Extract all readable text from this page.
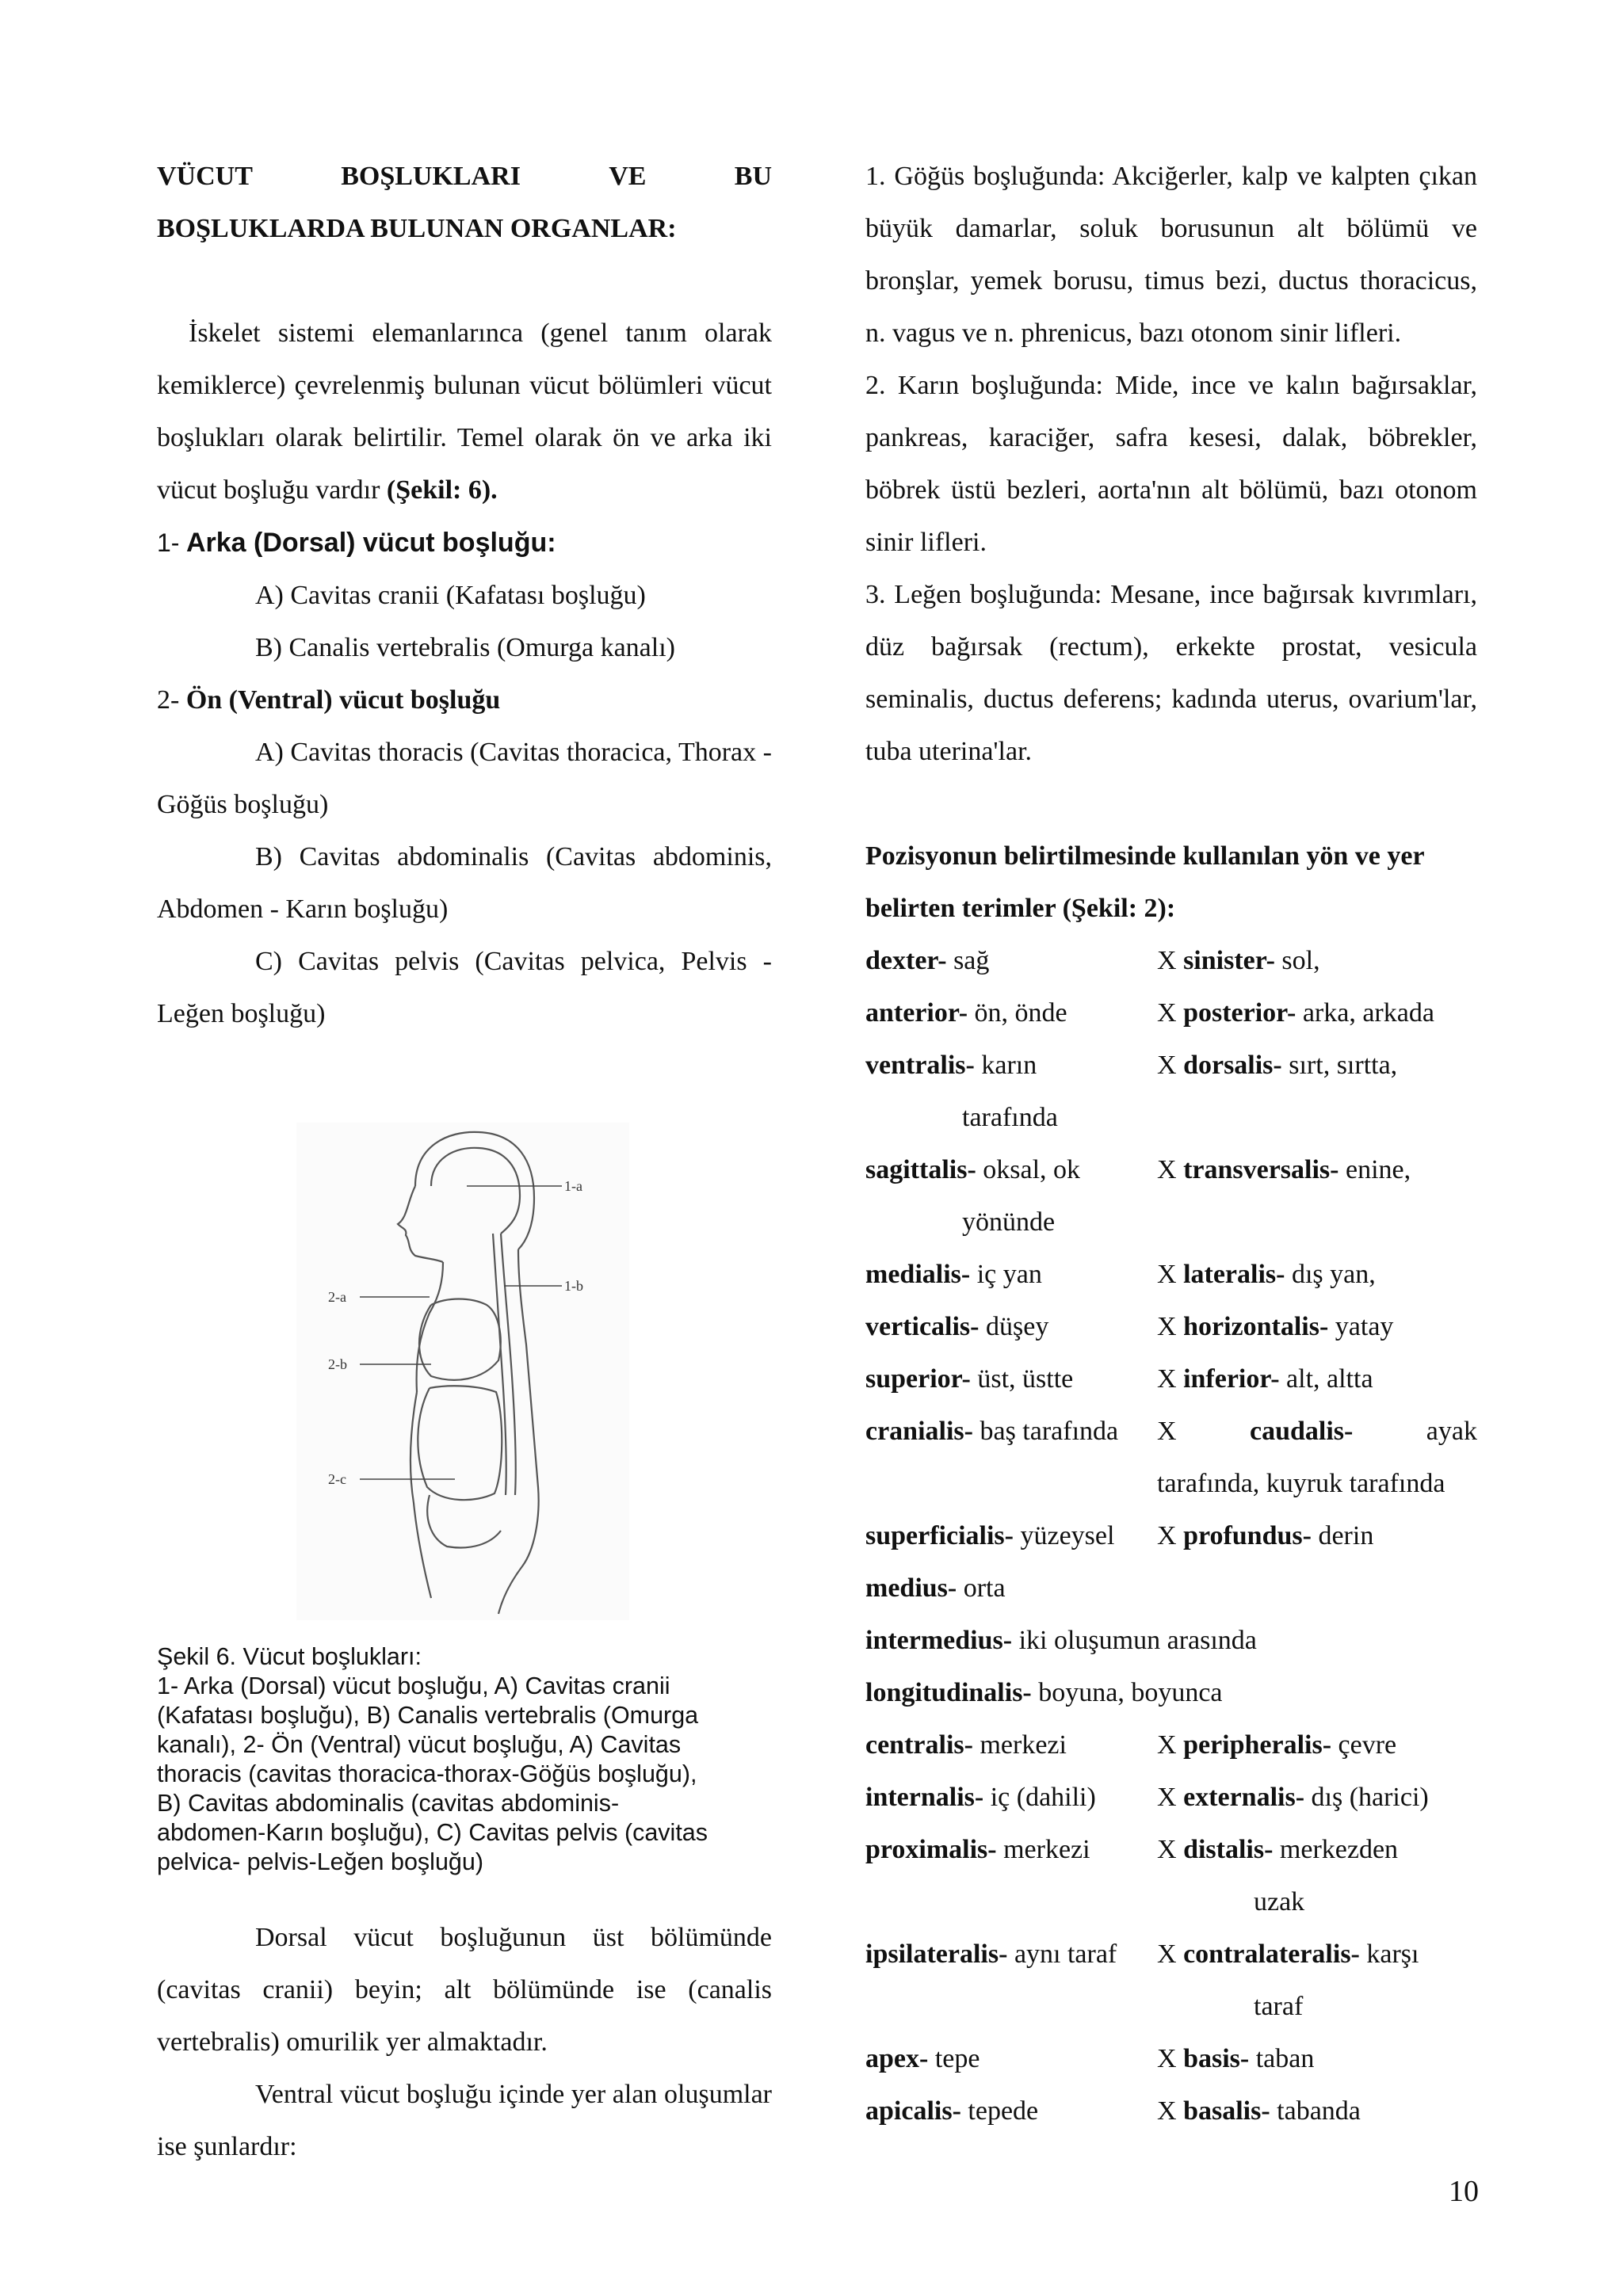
VÜCUT	BOŞLUKLARI	VE	BU
BOŞLUKLARDA BULUNAN ORGANLAR:

İskelet sistemi elemanlarınca (genel tanım olarak kemiklerce) çevrelenmiş bulunan vücut bölümleri vücut boşlukları olarak belirtilir. Temel olarak ön ve arka iki vücut boşluğu vardır (Şekil: 6).

1- Arka (Dorsal) vücut boşluğu:

A) Cavitas cranii (Kafatası boşluğu)

B) Canalis vertebralis (Omurga kanalı)

2- Ön (Ventral) vücut boşluğu

A) Cavitas thoracis (Cavitas thoracica, Thorax - Göğüs boşluğu)

B) Cavitas abdominalis (Cavitas abdominis, Abdomen - Karın boşluğu)

C) Cavitas pelvis (Cavitas pelvica, Pelvis - Leğen boşluğu)

1-a
1-b
2-a
2-b
2-c
Şekil 6. Vücut boşlukları:
1- Arka (Dorsal) vücut boşluğu, A) Cavitas cranii
(Kafatası boşluğu), B) Canalis vertebralis (Omurga
kanalı), 2- Ön (Ventral) vücut boşluğu, A) Cavitas
thoracis (cavitas thoracica-thorax-Göğüs boşluğu),
B) Cavitas abdominalis (cavitas abdominis-
abdomen-Karın boşluğu), C) Cavitas pelvis (cavitas
pelvica- pelvis-Leğen boşluğu)

Dorsal vücut boşluğunun üst bölümünde (cavitas cranii) beyin; alt bölümünde ise (canalis vertebralis) omurilik yer almaktadır.

Ventral vücut boşluğu içinde yer alan oluşumlar ise şunlardır:

1. Göğüs boşluğunda: Akciğerler, kalp ve kalpten çıkan büyük damarlar, soluk borusunun alt bölümü ve bronşlar, yemek borusu, timus bezi, ductus thoracicus, n. vagus ve n. phrenicus, bazı otonom sinir lifleri.

2. Karın boşluğunda: Mide, ince ve kalın bağırsaklar, pankreas, karaciğer, safra kesesi, dalak, böbrekler, böbrek üstü bezleri, aorta'nın alt bölümü, bazı otonom sinir lifleri.

3. Leğen boşluğunda: Mesane, ince bağırsak kıvrımları, düz bağırsak (rectum), erkekte prostat, vesicula seminalis, ductus deferens; kadında uterus, ovarium'lar, tuba uterina'lar.

Pozisyonun belirtilmesinde kullanılan yön ve yer belirten terimler (Şekil: 2):

dexter- sağ	X sinister- sol,
anterior- ön, önde	X posterior- arka, arkada
ventralis- karın	X dorsalis- sırt, sırtta,
tarafında
sagittalis- oksal, ok	X transversalis- enine,
yönünde
medialis- iç yan	X lateralis- dış yan,
verticalis- düşey	X horizontalis- yatay
superior- üst, üstte	X inferior- alt, altta
cranialis- baş tarafında	X	caudalis-	ayak
tarafında, kuyruk tarafında
superficialis- yüzeysel	X profundus- derin
medius- orta
intermedius- iki oluşumun arasında
longitudinalis- boyuna, boyunca
centralis- merkezi	X peripheralis- çevre
internalis- iç (dahili)	X externalis- dış (harici)
proximalis- merkezi	X distalis- merkezden
uzak
ipsilateralis- aynı taraf	X contralateralis- karşı
taraf
apex- tepe	X basis- taban
apicalis- tepede	X basalis- tabanda
10
